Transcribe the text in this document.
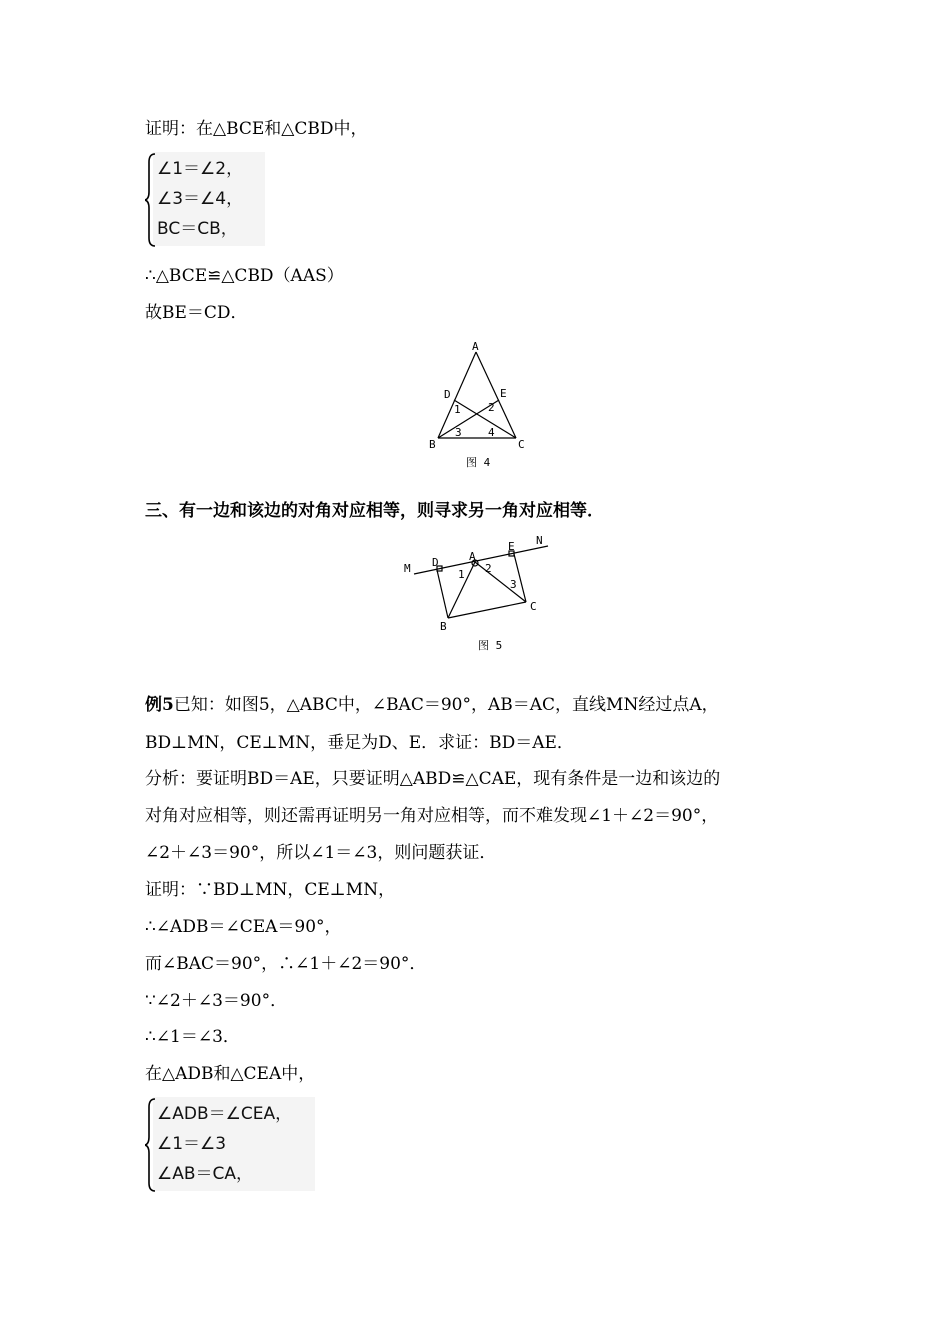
证明：在△BCE和△CBD中，
∠1＝∠2，
∠3＝∠4，
BC＝CB，
∴△BCE≌△CBD（AAS）
故BE＝CD．
A
B	C
D	E
1 2
3 4
图 4
三、有一边和该边的对角对应相等，则寻求另一角对应相等．
M
N
A
B
C
D
E
1 2
3
图 5
例5已知：如图5，△ABC中，∠BAC＝90°，AB＝AC，直线MN经过点A，
BD⊥MN，CE⊥MN，垂足为D、E．求证：BD＝AE．
分析：要证明BD＝AE，只要证明△ABD≌△CAE，现有条件是一边和该边的
对角对应相等，则还需再证明另一角对应相等，而不难发现∠1＋∠2＝90°，
∠2＋∠3＝90°，所以∠1＝∠3，则问题获证．
证明：∵BD⊥MN，CE⊥MN，
∴∠ADB＝∠CEA＝90°，
而∠BAC＝90°，∴∠1＋∠2＝90°．
∵∠2＋∠3＝90°．
∴∠1＝∠3．
在△ADB和△CEA中，
∠ADB＝∠CEA，
∠1＝∠3
∠AB＝CA，
